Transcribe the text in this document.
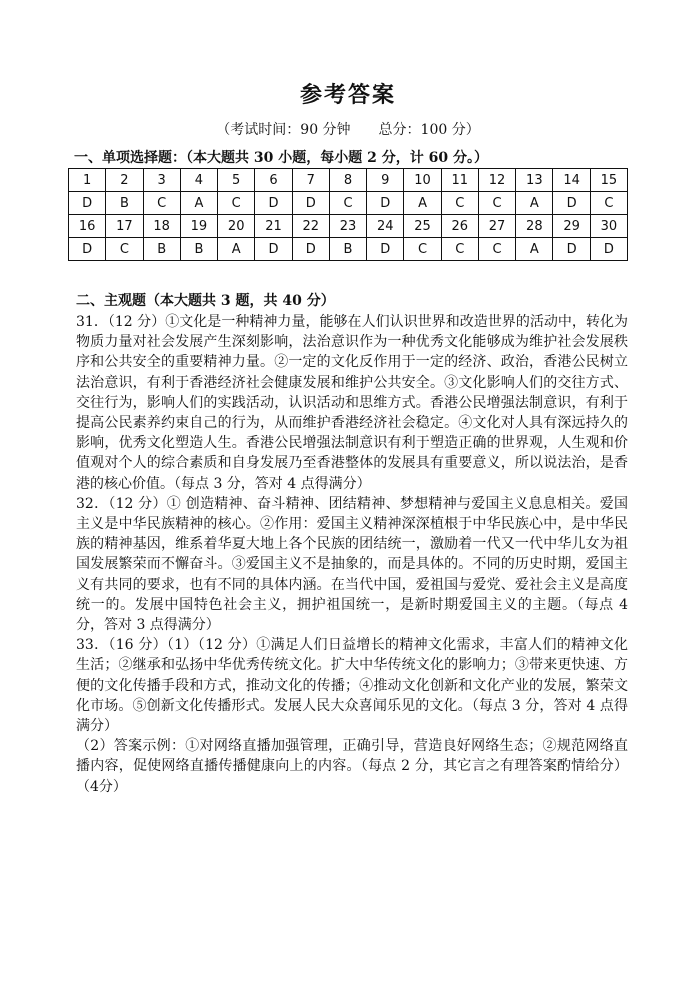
参考答案
（考试时间：90 分钟　　总分：100 分）
一、单项选择题：（本大题共 30 小题，每小题 2 分，计 60 分。）
1	2	3	4	5	6	7	8	9	10	11	12	13	14	15
D	B	C	A	C	D	D	C	D	A	C	C	A	D	C
16	17	18	19	20	21	22	23	24	25	26	27	28	29	30
D	C	B	B	A	D	D	B	D	C	C	C	A	D	D
二、主观题（本大题共 3 题，共 40 分）

31．（12 分）①文化是一种精神力量，能够在人们认识世界和改造世界的活动中，转化为物质力量对社会发展产生深刻影响，法治意识作为一种优秀文化能够成为维护社会发展秩序和公共安全的重要精神力量。②一定的文化反作用于一定的经济、政治，香港公民树立法治意识，有利于香港经济社会健康发展和维护公共安全。③文化影响人们的交往方式、交往行为，影响人们的实践活动，认识活动和思维方式。香港公民增强法制意识，有利于提高公民素养约束自己的行为，从而维护香港经济社会稳定。④文化对人具有深远持久的影响，优秀文化塑造人生。香港公民增强法制意识有利于塑造正确的世界观，人生观和价值观对个人的综合素质和自身发展乃至香港整体的发展具有重要意义，所以说法治，是香港的核心价值。（每点 3 分，答对 4 点得满分）

32．（12 分）① 创造精神、奋斗精神、团结精神、梦想精神与爱国主义息息相关。爱国主义是中华民族精神的核心。②作用：爱国主义精神深深植根于中华民族心中，是中华民族的精神基因，维系着华夏大地上各个民族的团结统一，激励着一代又一代中华儿女为祖国发展繁荣而不懈奋斗。③爱国主义不是抽象的，而是具体的。不同的历史时期，爱国主义有共同的要求，也有不同的具体内涵。在当代中国，爱祖国与爱党、爱社会主义是高度统一的。发展中国特色社会主义，拥护祖国统一，是新时期爱国主义的主题。（每点 4 分，答对 3 点得满分）

33．（16 分）（1）（12 分）①满足人们日益增长的精神文化需求，丰富人们的精神文化生活；②继承和弘扬中华优秀传统文化。扩大中华传统文化的影响力；③带来更快速、方便的文化传播手段和方式，推动文化的传播；④推动文化创新和文化产业的发展，繁荣文化市场。⑤创新文化传播形式。发展人民大众喜闻乐见的文化。（每点 3 分，答对 4 点得满分）

（2）答案示例：①对网络直播加强管理，正确引导，营造良好网络生态；②规范网络直播内容，促使网络直播传播健康向上的内容。（每点 2 分，其它言之有理答案酌情给分）（4分）
